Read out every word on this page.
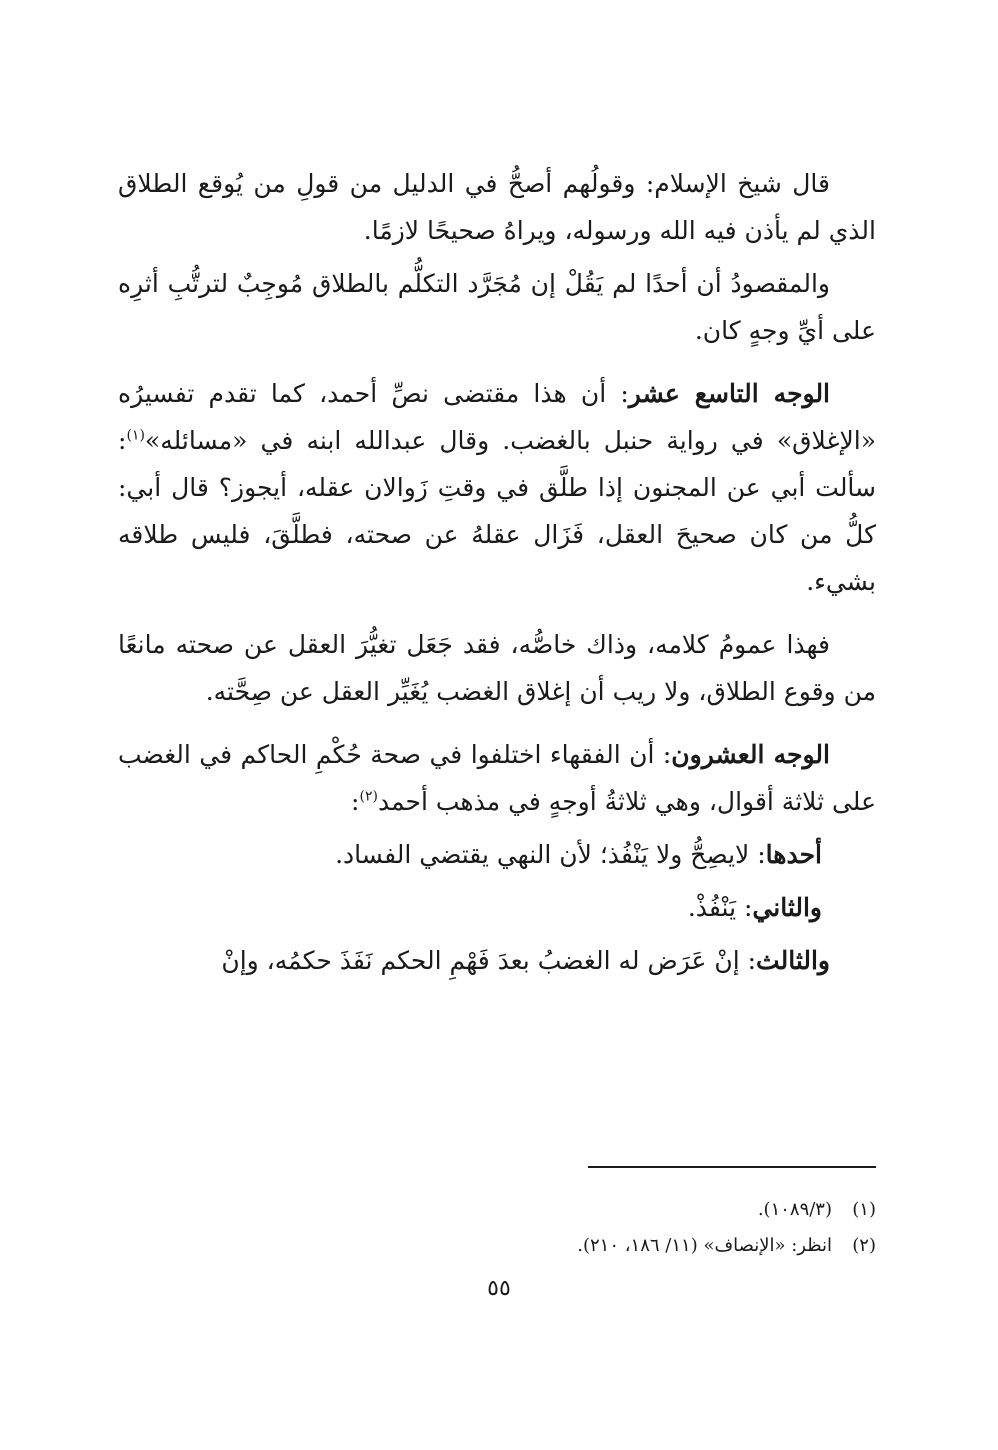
قال شيخ الإسلام: وقولُهم أصحُّ في الدليل من قولِ من يُوقع الطلاق الذي لم يأذن فيه الله ورسوله، ويراهُ صحيحًا لازمًا.

والمقصودُ أن أحدًا لم يَقُلْ إن مُجَرَّد التكلُّم بالطلاق مُوجِبٌ لترتُّبِ أثرِه على أيِّ وجهٍ كان.

الوجه التاسع عشر: أن هذا مقتضى نصِّ أحمد، كما تقدم تفسيرُه «الإغلاق» في رواية حنبل بالغضب. وقال عبدالله ابنه في «مسائله»$^{(١)}$: سألت أبي عن المجنون إذا طلَّق في وقتِ زَوالان عقله، أيجوز؟ قال أبي: كلُّ من كان صحيحَ العقل، فَزَال عقلهُ عن صحته، فطلَّقَ، فليس طلاقه بشيء.

فهذا عمومُ كلامه، وذاك خاصُّه، فقد جَعَل تغيُّرَ العقل عن صحته مانعًا من وقوع الطلاق، ولا ريب أن إغلاق الغضب يُغَيِّر العقل عن صِحَّته.

الوجه العشرون: أن الفقهاء اختلفوا في صحة حُكْمِ الحاكم في الغضب على ثلاثة أقوال، وهي ثلاثةُ أوجهٍ في مذهب أحمد$^{(٢)}$:

أحدها: لايصِحُّ ولا يَنْفُذ؛ لأن النهي يقتضي الفساد.

والثاني: يَنْفُذْ.

والثالث: إنْ عَرَض له الغضبُ بعدَ فَهْمِ الحكم نَفَذَ حكمُه، وإنْ

(١)(١٠٨٩/٣).
(٢)انظر: «الإنصاف» (١١/ ١٨٦، ٢١٠).
٥٥
